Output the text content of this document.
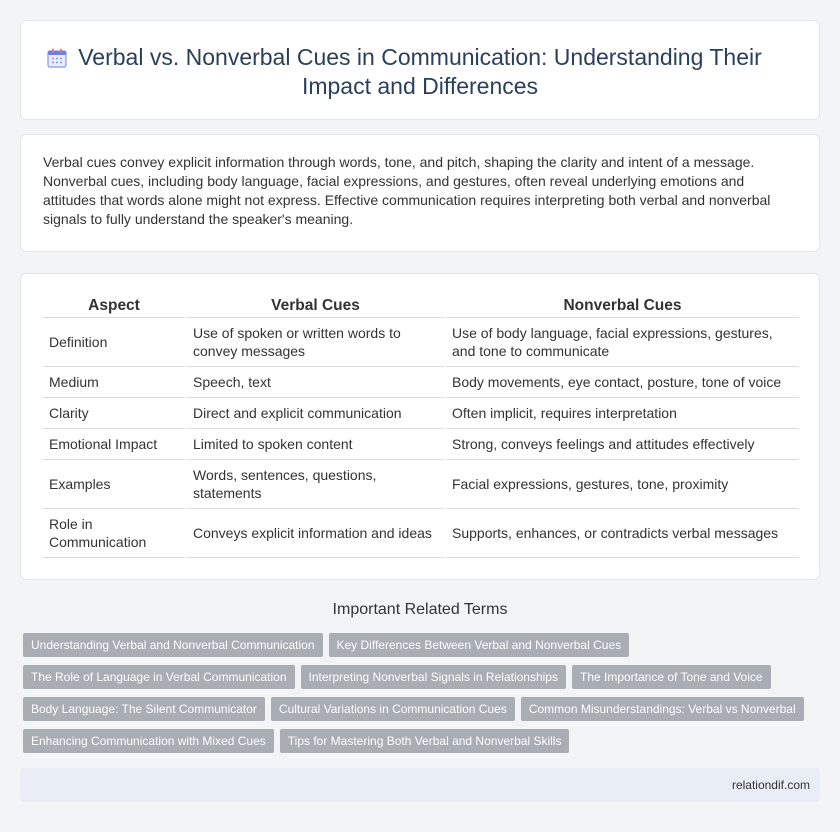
Verbal vs. Nonverbal Cues in Communication: Understanding Their Impact and Differences

Verbal cues convey explicit information through words, tone, and pitch, shaping the clarity and intent of a message. Nonverbal cues, including body language, facial expressions, and gestures, often reveal underlying emotions and attitudes that words alone might not express. Effective communication requires interpreting both verbal and nonverbal signals to fully understand the speaker's meaning.

Aspect	Verbal Cues	Nonverbal Cues
Definition	Use of spoken or written words to convey messages	Use of body language, facial expressions, gestures, and tone to communicate
Medium	Speech, text	Body movements, eye contact, posture, tone of voice
Clarity	Direct and explicit communication	Often implicit, requires interpretation
Emotional Impact	Limited to spoken content	Strong, conveys feelings and attitudes effectively
Examples	Words, sentences, questions, statements	Facial expressions, gestures, tone, proximity
Role in Communication	Conveys explicit information and ideas	Supports, enhances, or contradicts verbal messages
Important Related Terms
Understanding Verbal and Nonverbal Communication	Key Differences Between Verbal and Nonverbal Cues
The Role of Language in Verbal Communication	Interpreting Nonverbal Signals in Relationships	The Importance of Tone and Voice
Body Language: The Silent Communicator	Cultural Variations in Communication Cues	Common Misunderstandings: Verbal vs Nonverbal
Enhancing Communication with Mixed Cues	Tips for Mastering Both Verbal and Nonverbal Skills
relationdif.com
